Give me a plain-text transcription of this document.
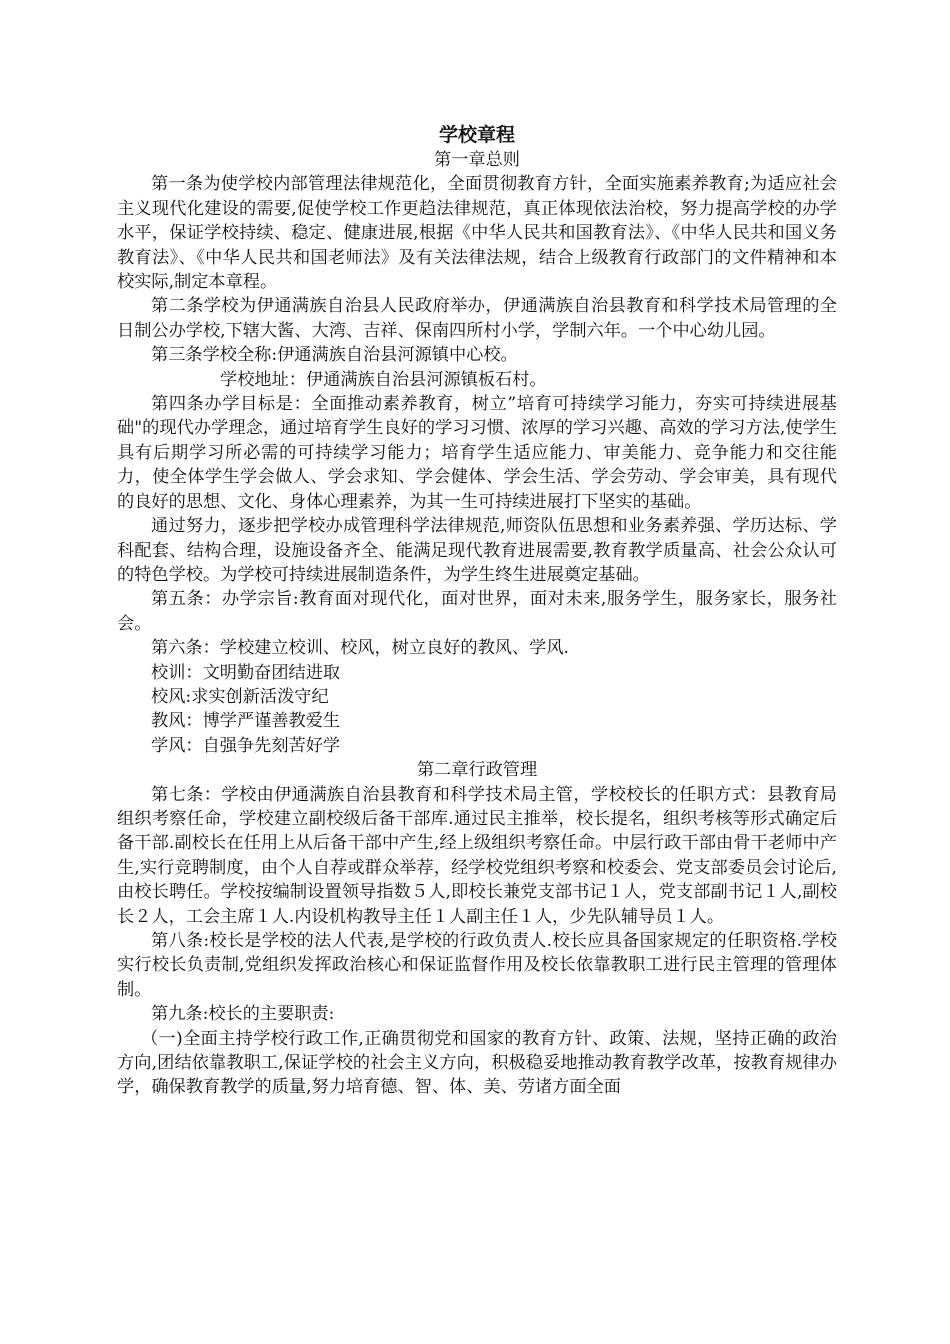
学校章程

第一章总则

第一条为使学校内部管理法律规范化，全面贯彻教育方针，全面实施素养教育;为适应社会主义现代化建设的需要,促使学校工作更趋法律规范，真正体现依法治校，努力提高学校的办学水平，保证学校持续、稳定、健康进展,根据《中华人民共和国教育法》、《中华人民共和国义务教育法》、《中华人民共和国老师法》及有关法律法规，结合上级教育行政部门的文件精神和本校实际,制定本章程。

第二条学校为伊通满族自治县人民政府举办，伊通满族自治县教育和科学技术局管理的全日制公办学校,下辖大酱、大湾、吉祥、保南四所村小学，学制六年。一个中心幼儿园。

第三条学校全称:伊通满族自治县河源镇中心校。

学校地址：伊通满族自治县河源镇板石村。

第四条办学目标是：全面推动素养教育，树立”培育可持续学习能力，夯实可持续进展基础"的现代办学理念，通过培育学生良好的学习习惯、浓厚的学习兴趣、高效的学习方法,使学生具有后期学习所必需的可持续学习能力；培育学生适应能力、审美能力、竞争能力和交往能力，使全体学生学会做人、学会求知、学会健体、学会生活、学会劳动、学会审美，具有现代的良好的思想、文化、身体心理素养，为其一生可持续进展打下坚实的基础。

通过努力，逐步把学校办成管理科学法律规范,师资队伍思想和业务素养强、学历达标、学科配套、结构合理，设施设备齐全、能满足现代教育进展需要,教育教学质量高、社会公众认可的特色学校。为学校可持续进展制造条件，为学生终生进展奠定基础。

第五条：办学宗旨:教育面对现代化，面对世界，面对未来,服务学生，服务家长，服务社会。

第六条：学校建立校训、校风，树立良好的教风、学风.

校训：文明勤奋团结进取

校风:求实创新活泼守纪

教风：博学严谨善教爱生

学风：自强争先刻苦好学

第二章行政管理

第七条：学校由伊通满族自治县教育和科学技术局主管，学校校长的任职方式：县教育局组织考察任命，学校建立副校级后备干部库.通过民主推举，校长提名，组织考核等形式确定后备干部.副校长在任用上从后备干部中产生,经上级组织考察任命。中层行政干部由骨干老师中产生,实行竞聘制度，由个人自荐或群众举荐，经学校党组织考察和校委会、党支部委员会讨论后,由校长聘任。学校按编制设置领导指数５人,即校长兼党支部书记１人，党支部副书记１人,副校长２人，工会主席１人.内设机构教导主任１人副主任１人，少先队辅导员１人。

第八条:校长是学校的法人代表,是学校的行政负责人.校长应具备国家规定的任职资格.学校实行校长负责制,党组织发挥政治核心和保证监督作用及校长依靠教职工进行民主管理的管理体制。

第九条:校长的主要职责:

（一)全面主持学校行政工作,正确贯彻党和国家的教育方针、政策、法规，坚持正确的政治方向,团结依靠教职工,保证学校的社会主义方向，积极稳妥地推动教育教学改革，按教育规律办学，确保教育教学的质量,努力培育德、智、体、美、劳诸方面全面
